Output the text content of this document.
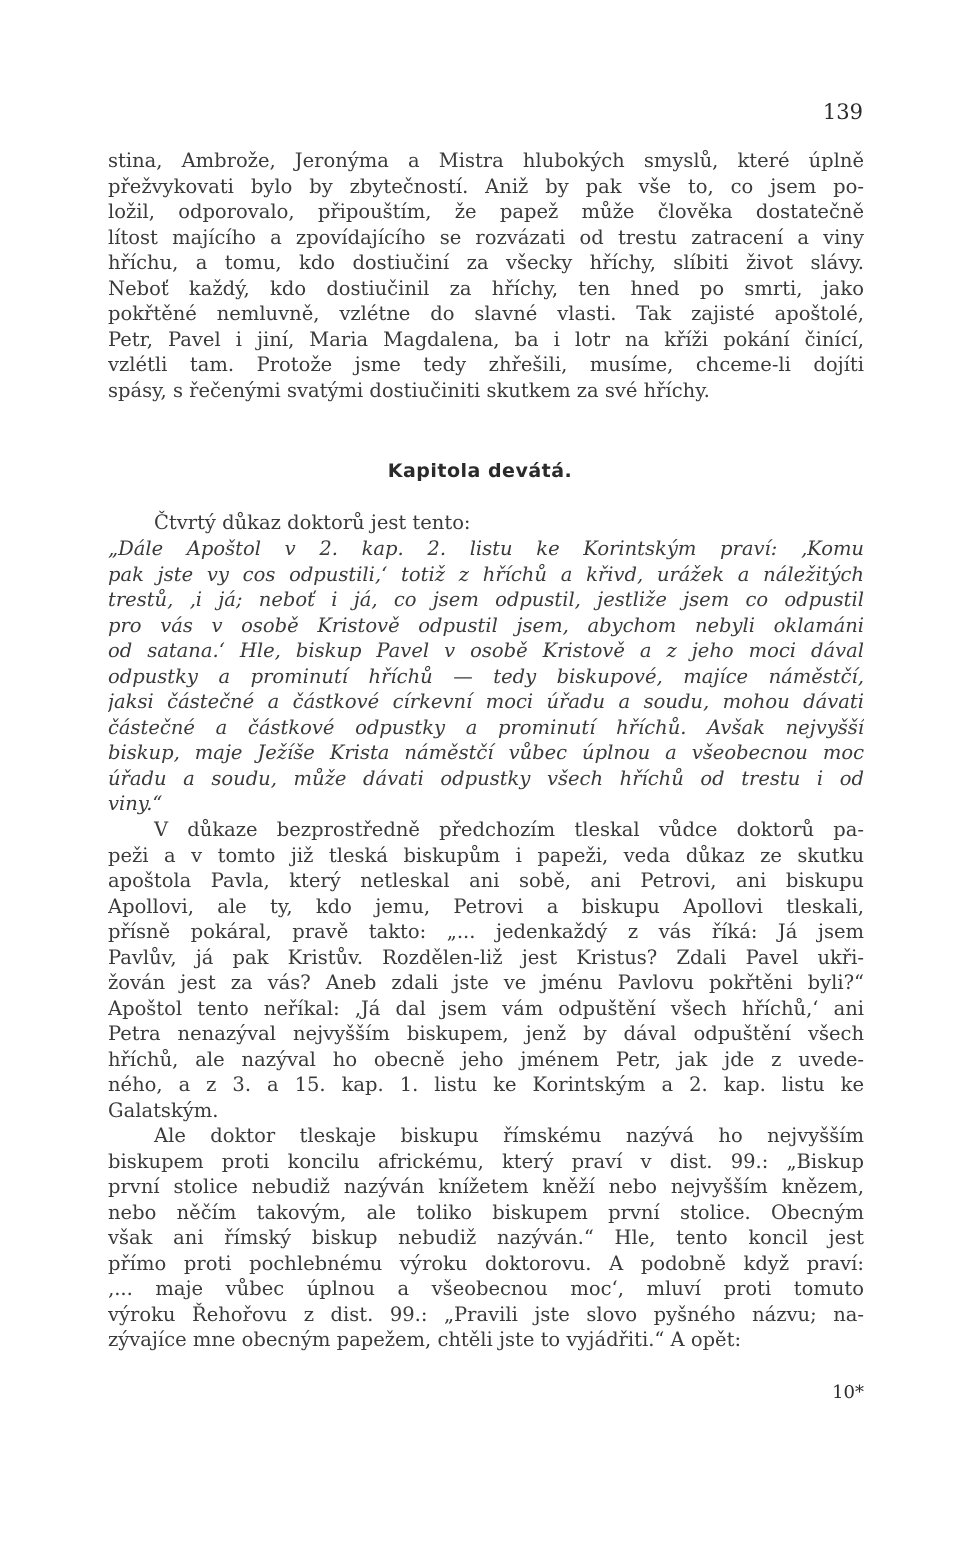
139
stina, Ambrože, Jeronýma a Mistra hlubokých smyslů, které úplně
přežvykovati bylo by zbytečností. Aniž by pak vše to, co jsem po-
ložil, odporovalo, připouštím, že papež může člověka dostatečně
lítost majícího a zpovídajícího se rozvázati od trestu zatracení a viny
hříchu, a tomu, kdo dostiučiní za všecky hříchy, slíbiti život slávy.
Neboť každý, kdo dostiučinil za hříchy, ten hned po smrti, jako
pokřtěné nemluvně, vzlétne do slavné vlasti. Tak zajisté apoštolé,
Petr, Pavel i jiní, Maria Magdalena, ba i lotr na kříži pokání činící,
vzlétli tam. Protože jsme tedy zhřešili, musíme, chceme-li dojíti
spásy, s řečenými svatými dostiučiniti skutkem za své hříchy.
Kapitola devátá.
Čtvrtý důkaz doktorů jest tento:
„Dále Apoštol v 2. kap. 2. listu ke Korintským praví: ‚Komu
pak jste vy cos odpustili,‘ totiž z hříchů a křivd, urážek a náležitých
trestů, ‚i já; neboť i já, co jsem odpustil, jestliže jsem co odpustil
pro vás v osobě Kristově odpustil jsem, abychom nebyli oklamáni
od satana.‘ Hle, biskup Pavel v osobě Kristově a z jeho moci dával
odpustky a prominutí hříchů — tedy biskupové, majíce náměstčí,
jaksi částečné a částkové církevní moci úřadu a soudu, mohou dávati
částečné a částkové odpustky a prominutí hříchů. Avšak nejvyšší
biskup, maje Ježíše Krista náměstčí vůbec úplnou a všeobecnou moc
úřadu a soudu, může dávati odpustky všech hříchů od trestu i od
viny.“
V důkaze bezprostředně předchozím tleskal vůdce doktorů pa-
peži a v tomto již tleská biskupům i papeži, veda důkaz ze skutku
apoštola Pavla, který netleskal ani sobě, ani Petrovi, ani biskupu
Apollovi, ale ty, kdo jemu, Petrovi a biskupu Apollovi tleskali,
přísně pokáral, pravě takto: „... jedenkaždý z vás říká: Já jsem
Pavlův, já pak Kristův. Rozdělen-liž jest Kristus? Zdali Pavel ukři-
žován jest za vás? Aneb zdali jste ve jménu Pavlovu pokřtěni byli?“
Apoštol tento neříkal: ‚Já dal jsem vám odpuštění všech hříchů,‘ ani
Petra nenazýval nejvyšším biskupem, jenž by dával odpuštění všech
hříchů, ale nazýval ho obecně jeho jménem Petr, jak jde z uvede-
ného, a z 3. a 15. kap. 1. listu ke Korintským a 2. kap. listu ke
Galatským.
Ale doktor tleskaje biskupu římskému nazývá ho nejvyšším
biskupem proti koncilu africkému, který praví v dist. 99.: „Biskup
první stolice nebudiž nazýván knížetem kněží nebo nejvyšším knězem,
nebo něčím takovým, ale toliko biskupem první stolice. Obecným
však ani římský biskup nebudiž nazýván.“ Hle, tento koncil jest
přímo proti pochlebnému výroku doktorovu. A podobně když praví:
‚... maje vůbec úplnou a všeobecnou moc‘, mluví proti tomuto
výroku Řehořovu z dist. 99.: „Pravili jste slovo pyšného názvu; na-
zývajíce mne obecným papežem, chtěli jste to vyjádřiti.“ A opět:
10*
